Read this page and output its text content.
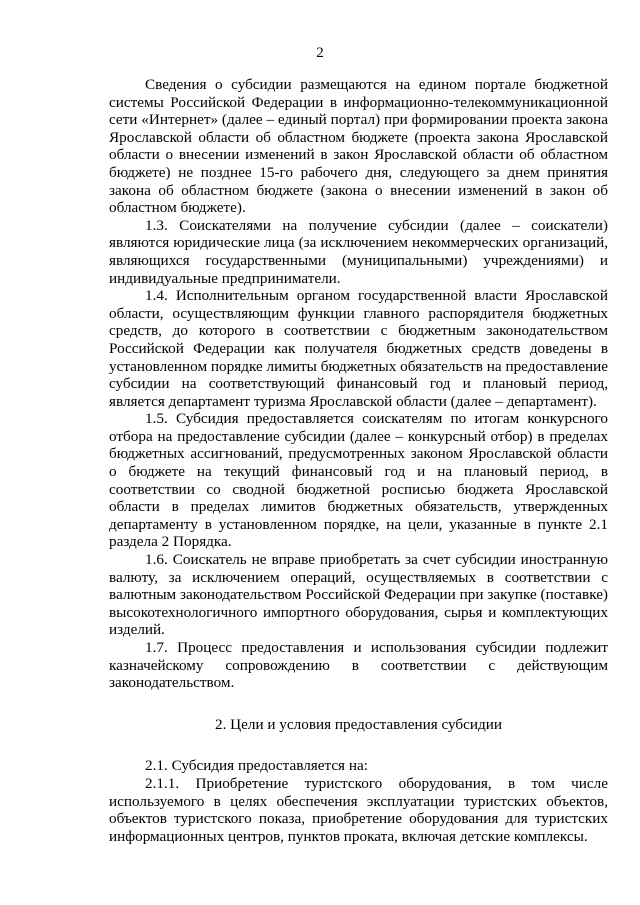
2

Сведения о субсидии размещаются на едином портале бюджетной системы Российской Федерации в информационно-телекоммуникационной сети «Интернет» (далее – единый портал) при формировании проекта закона Ярославской области об областном бюджете (проекта закона Ярославской области о внесении изменений в закон Ярославской области об областном бюджете) не позднее 15-го рабочего дня, следующего за днем принятия закона об областном бюджете (закона о внесении изменений в закон об областном бюджете).

1.3. Соискателями на получение субсидии (далее – соискатели) являются юридические лица (за исключением некоммерческих организаций, являющихся государственными (муниципальными) учреждениями) и индивидуальные предприниматели.

1.4. Исполнительным органом государственной власти Ярославской области, осуществляющим функции главного распорядителя бюджетных средств, до которого в соответствии с бюджетным законодательством Российской Федерации как получателя бюджетных средств доведены в установленном порядке лимиты бюджетных обязательств на предоставление субсидии на соответствующий финансовый год и плановый период, является департамент туризма Ярославской области (далее – департамент).

1.5. Субсидия предоставляется соискателям по итогам конкурсного отбора на предоставление субсидии (далее – конкурсный отбор) в пределах бюджетных ассигнований, предусмотренных законом Ярославской области о бюджете на текущий финансовый год и на плановый период, в соответствии со сводной бюджетной росписью бюджета Ярославской области в пределах лимитов бюджетных обязательств, утвержденных департаменту в установленном порядке, на цели, указанные в пункте 2.1 раздела 2 Порядка.

1.6. Соискатель не вправе приобретать за счет субсидии иностранную валюту, за исключением операций, осуществляемых в соответствии с валютным законодательством Российской Федерации при закупке (поставке) высокотехнологичного импортного оборудования, сырья и комплектующих изделий.

1.7. Процесс предоставления и использования субсидии подлежит казначейскому сопровождению в соответствии с действующим законодательством.

2. Цели и условия предоставления субсидии

2.1. Субсидия предоставляется на:

2.1.1. Приобретение туристского оборудования, в том числе используемого в целях обеспечения эксплуатации туристских объектов, объектов туристского показа, приобретение оборудования для туристских информационных центров, пунктов проката, включая детские комплексы.
